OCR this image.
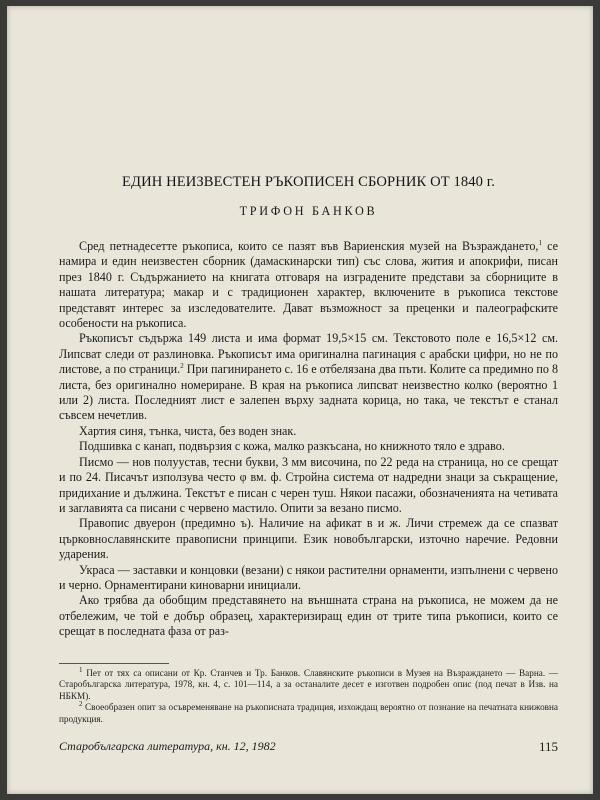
ЕДИН НЕИЗВЕСТЕН РЪКОПИСЕН СБОРНИК ОТ 1840 г.
ТРИФОН БАНКОВ

Сред петнадесетте ръкописа, които се пазят във Вариенския музей на Възраждането,$^1$ се намира и един неизвестен сборник (дамаскинарски тип) със слова, жития и апокрифи, писан през 1840 г. Съдържанието на книгата отговаря на изградените представи за сборниците в нашата литература; макар и с традиционен характер, включените в ръкописа текстове представят интерес за изследователите. Дават възможност за преценки и палеографските особености на ръкописа.

Ръкописът съдържа 149 листа и има формат 19,5×15 см. Текстовото поле е 16,5×12 см. Липсват следи от разлиновка. Ръкописът има оригинална пагинация с арабски цифри, но не по листове, а по страници.$^2$ При пагинирането с. 16 е отбелязана два пъти. Колите са предимно по 8 листа, без оригинално номериране. В края на ръкописа липсват неизвестно колко (вероятно 1 или 2) листа. Последният лист е залепен върху задната корица, но така, че текстът е станал съвсем нечетлив.

Хартия синя, тънка, чиста, без воден знак.

Подшивка с канап, подвързия с кожа, малко разкъсана, но книжното тяло е здраво.

Писмо — нов полуустав, тесни букви, 3 мм височина, по 22 реда на страница, но се срещат и по 24. Писачът използува често φ вм. ф. Стройна система от надредни знаци за съкращение, придихание и дължина. Текстът е писан с черен туш. Някои пасажи, обозначенията на четивата и заглавията са писани с червено мастило. Опити за везано писмо.

Правопис двуерон (предимно ъ). Наличие на афикат в и ж. Личи стремеж да се спазват църковнославянските правописни принципи. Език новобългарски, източно наречие. Редовни ударения.

Украса — заставки и концовки (везани) с някои растителни орнаменти, изпълнени с червено и черно. Орнаментирани киноварни инициали.

Ако трябва да обобщим представянето на външната страна на ръкописа, не можем да не отбележим, че той е добър образец, характеризиращ един от трите типа ръкописи, които се срещат в последната фаза от раз-

$^1$ Пет от тях са описани от Кр. Станчев и Тр. Банков. Славянските ръкописи в Музея на Възраждането — Варна. — Старобългарска литература, 1978, кн. 4, с. 101—114, а за останалите десет е изготвен подробен опис (под печат в Изв. на НБКМ).

$^2$ Своеобразен опит за осъвременяване на ръкописната традиция, изхождащ вероятно от познание на печатната книжовна продукция.

Старобългарска литература, кн. 12, 1982	115
